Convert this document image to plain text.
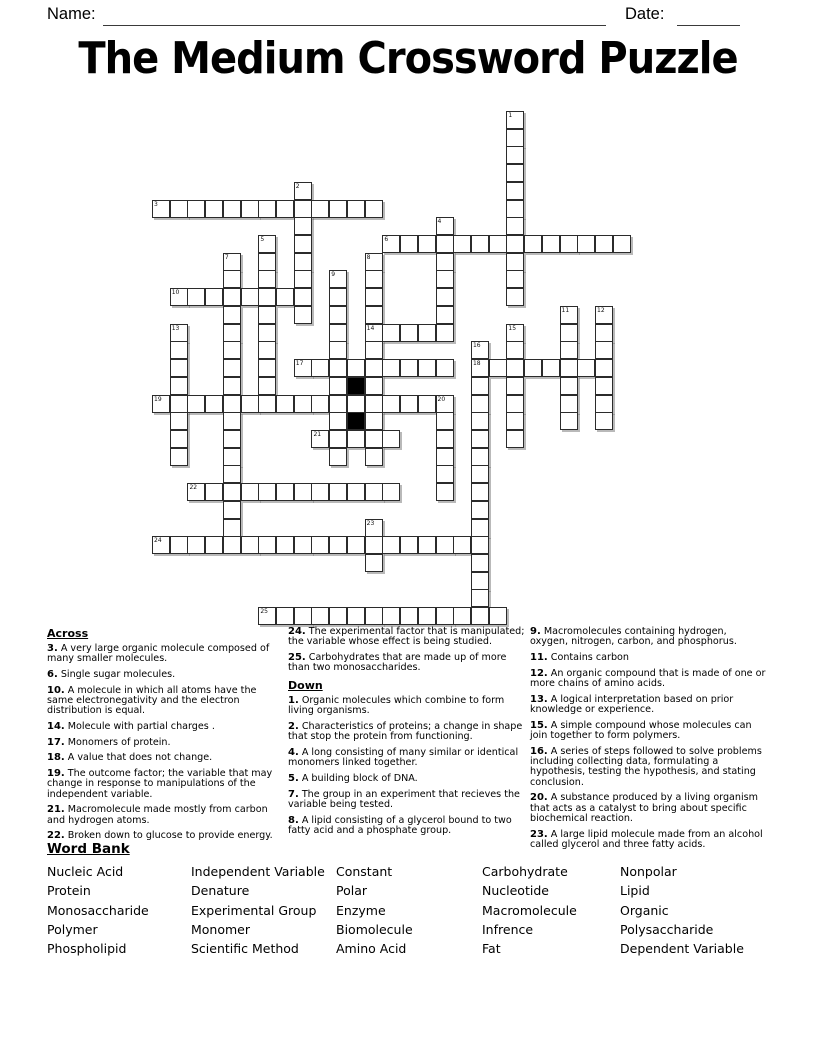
Name:	Date:
The Medium Crossword Puzzle
1
2
3
4
5	6
7	8
9
10
11	12
13	14	15
16
17	18
19	20
21
22
23
24
25
Across
3. A very large organic molecule composed of many smaller molecules.
6. Single sugar molecules.
10. A molecule in which all atoms have the same electronegativity and the electron distribution is equal.
14. Molecule with partial charges .
17. Monomers of protein.
18. A value that does not change.
19. The outcome factor; the variable that may change in response to manipulations of the independent variable.
21. Macromolecule made mostly from carbon and hydrogen atoms.
22. Broken down to glucose to provide energy.
24. The experimental factor that is manipulated; the variable whose effect is being studied.
25. Carbohydrates that are made up of more than two monosaccharides.
Down
1. Organic molecules which combine to form living organisms.
2. Characteristics of proteins; a change in shape that stop the protein from functioning.
4. A long consisting of many similar or identical monomers linked together.
5. A building block of DNA.
7. The group in an experiment that recieves the variable being tested.
8. A lipid consisting of a glycerol bound to two fatty acid and a phosphate group.
9. Macromolecules containing hydrogen, oxygen, nitrogen, carbon, and phosphorus.
11. Contains carbon
12. An organic compound that is made of one or more chains of amino acids.
13. A logical interpretation based on prior knowledge or experience.
15. A simple compound whose molecules can join together to form polymers.
16. A series of steps followed to solve problems including collecting data, formulating a hypothesis, testing the hypothesis, and stating conclusion.
20. A substance produced by a living organism that acts as a catalyst to bring about specific biochemical reaction.
23. A large lipid molecule made from an alcohol called glycerol and three fatty acids.
Word Bank
Nucleic Acid
Protein
Monosaccharide
Polymer
Phospholipid
Independent Variable
Denature
Experimental Group
Monomer
Scientific Method
Constant
Polar
Enzyme
Biomolecule
Amino Acid
Carbohydrate
Nucleotide
Macromolecule
Infrence
Fat
Nonpolar
Lipid
Organic
Polysaccharide
Dependent Variable
